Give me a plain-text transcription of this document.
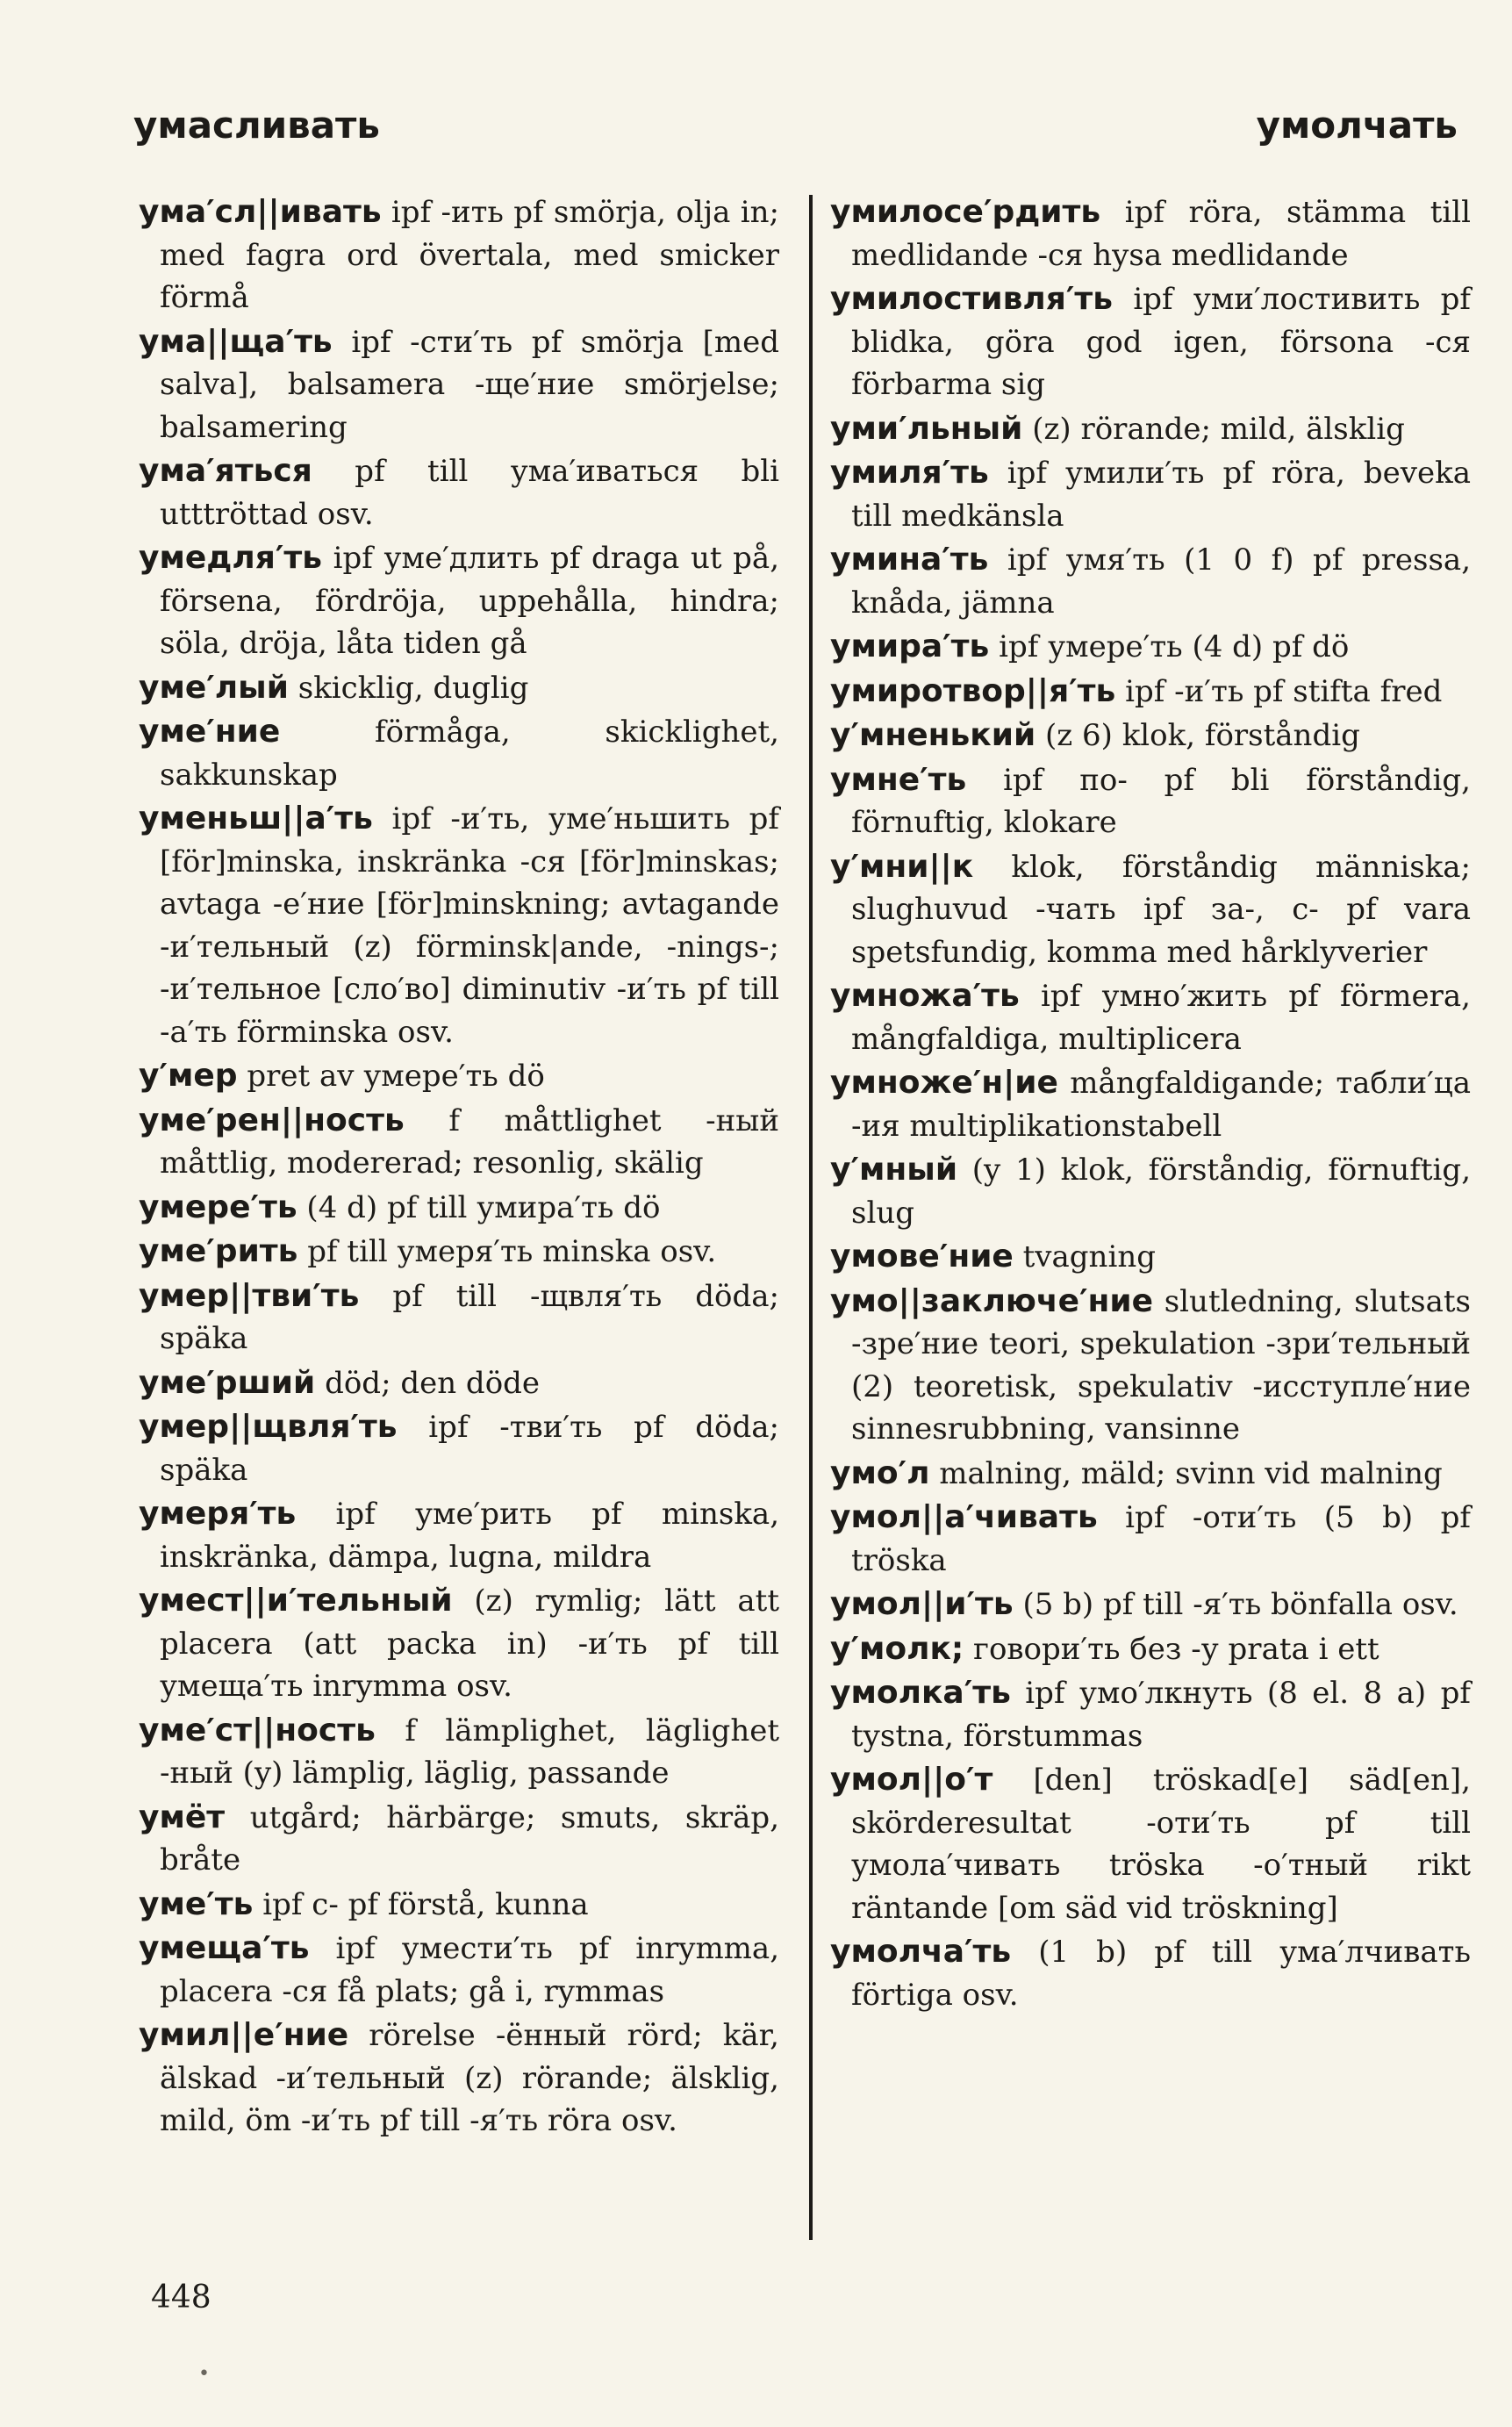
умасливать	умолчать

ума′сл||ивать ipf -ить pf smörja, olja in; med fagra ord övertala, med smicker förmå

ума||ща′ть ipf -сти′ть pf smörja [med salva], balsamera -ще′ние smörjelse; balsamering

ума′яться pf till ума′иваться bli utttröttad osv.

умедля′ть ipf уме′длить pf draga ut på, försena, fördröja, uppehålla, hindra; söla, dröja, låta tiden gå

уме′лый skicklig, duglig

уме′ние förmåga, skicklighet, sakkunskap

уменьш||а′ть ipf -и′ть, уме′ньшить pf [för]minska, inskränka -ся [för]minskas; avtaga -е′ние [för]minskning; avtagande -и′тельный (z) förminsk|ande, -nings-; -и′тельное [сло′во] diminutiv -и′ть pf till -а′ть förminska osv.

у′мер pret av умере′ть dö

уме′рен||ность f måttlighet -ный måttlig, modererad; resonlig, skälig

умере′ть (4 d) pf till умира′ть dö

уме′рить pf till умеря′ть minska osv.

умер||тви′ть pf till -щвля′ть döda; späka

уме′рший död; den döde

умер||щвля′ть ipf -тви′ть pf döda; späka

умеря′ть ipf уме′рить pf minska, inskränka, dämpa, lugna, mildra

умест||и′тельный (z) rymlig; lätt att placera (att packa in) -и′ть pf till умеща′ть inrymma osv.

уме′ст||ность f lämplighet, läglighet -ный (y) lämplig, läglig, passande

умёт utgård; härbärge; smuts, skräp, bråte

уме′ть ipf с- pf förstå, kunna

умеща′ть ipf умести′ть pf inrymma, placera -ся få plats; gå i, rymmas

умил||е′ние rörelse -ённый rörd; kär, älskad -и′тельный (z) rörande; älsklig, mild, öm -и′ть pf till -я′ть röra osv.

умилосе′рдить ipf röra, stämma till medlidande -ся hysa medlidande

умилостивля′ть ipf уми′лостивить pf blidka, göra god igen, försona -ся förbarma sig

уми′льный (z) rörande; mild, älsklig

умиля′ть ipf умили′ть pf röra, beveka till medkänsla

умина′ть ipf умя′ть (1 0 f) pf pressa, knåda, jämna

умира′ть ipf умере′ть (4 d) pf dö

умиротвор||я′ть ipf -и′ть pf stifta fred

у′мненький (z 6) klok, förståndig

умне′ть ipf по- pf bli förståndig, förnuftig, klokare

у′мни||к klok, förståndig människa; slughuvud -чать ipf за-, с- pf vara spetsfundig, komma med hårklyverier

умножа′ть ipf умно′жить pf förmera, mångfaldiga, multiplicera

умноже′н|ие mångfaldigande; табли′ца -ия multiplikationstabell

у′мный (y 1) klok, förståndig, förnuftig, slug

умове′ние tvagning

умо||заключе′ние slutledning, slutsats -зре′ние teori, spekulation -зри′тельный (2) teoretisk, spekulativ -исступле′ние sinnesrubbning, vansinne

умо′л malning, mäld; svinn vid malning

умол||а′чивать ipf -оти′ть (5 b) pf tröska

умол||и′ть (5 b) pf till -я′ть bönfalla osv.

у′молк; говори′ть без -у prata i ett

умолка′ть ipf умо′лкнуть (8 el. 8 a) pf tystna, förstummas

умол||о′т [den] tröskad[e] säd[en], skörderesultat -оти′ть pf till умола′чивать tröska -о′тный rikt räntande [om säd vid tröskning]

умолча′ть (1 b) pf till ума′лчивать förtiga osv.

448
•
